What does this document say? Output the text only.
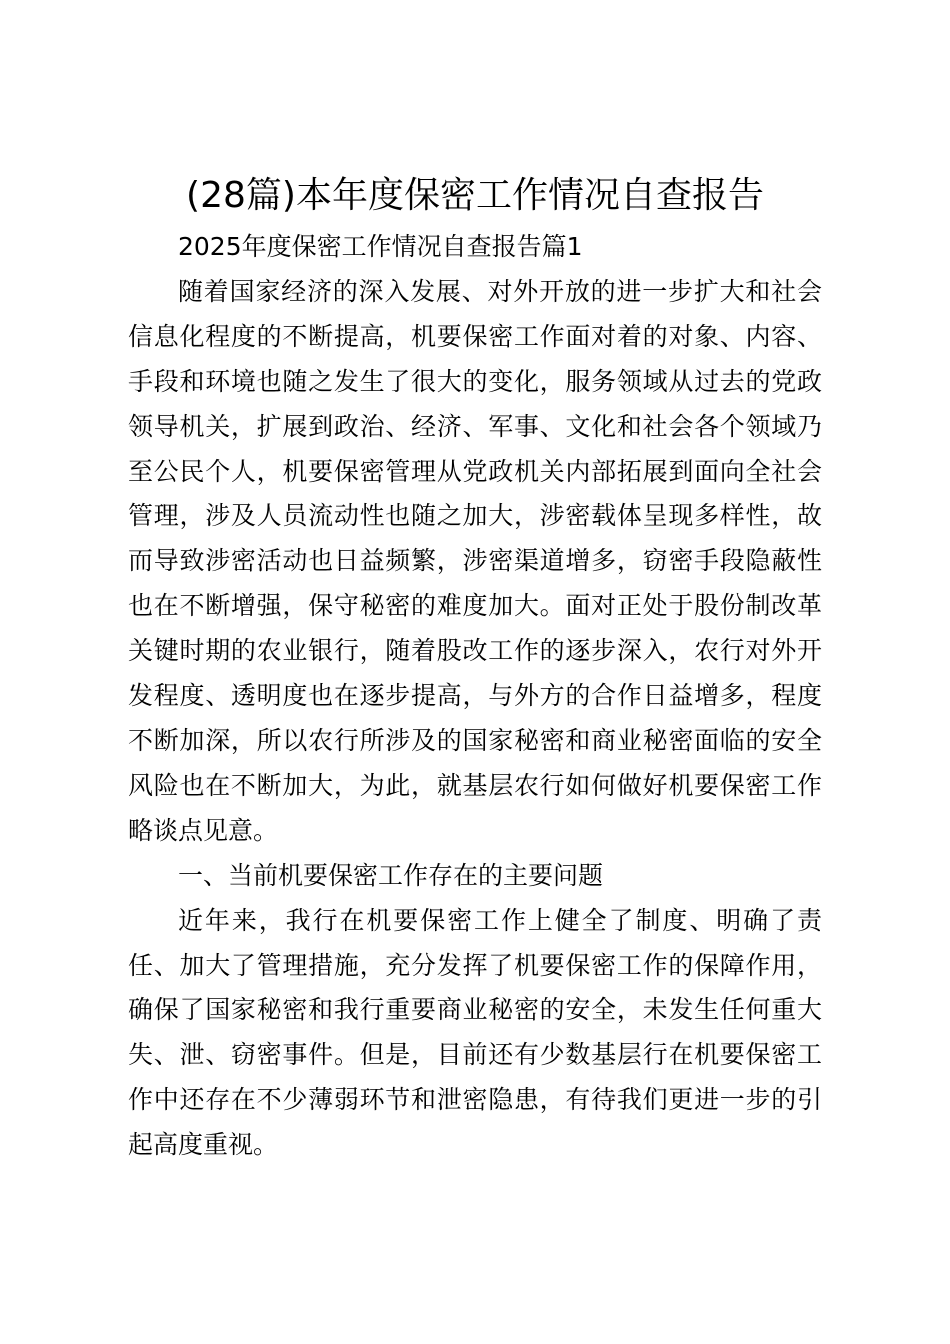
(28篇)本年度保密工作情况自查报告

2025年度保密工作情况自查报告篇1

随着国家经济的深入发展、对外开放的进一步扩大和社会信息化程度的不断提高，机要保密工作面对着的对象、内容、手段和环境也随之发生了很大的变化，服务领域从过去的党政领导机关，扩展到政治、经济、军事、文化和社会各个领域乃至公民个人，机要保密管理从党政机关内部拓展到面向全社会管理，涉及人员流动性也随之加大，涉密载体呈现多样性，故而导致涉密活动也日益频繁，涉密渠道增多，窃密手段隐蔽性也在不断增强，保守秘密的难度加大。面对正处于股份制改革关键时期的农业银行，随着股改工作的逐步深入，农行对外开发程度、透明度也在逐步提高，与外方的合作日益增多，程度不断加深，所以农行所涉及的国家秘密和商业秘密面临的安全风险也在不断加大，为此，就基层农行如何做好机要保密工作略谈点见意。

一、当前机要保密工作存在的主要问题

近年来，我行在机要保密工作上健全了制度、明确了责任、加大了管理措施，充分发挥了机要保密工作的保障作用，确保了国家秘密和我行重要商业秘密的安全，未发生任何重大失、泄、窃密事件。但是，目前还有少数基层行在机要保密工作中还存在不少薄弱环节和泄密隐患，有待我们更进一步的引起高度重视。
